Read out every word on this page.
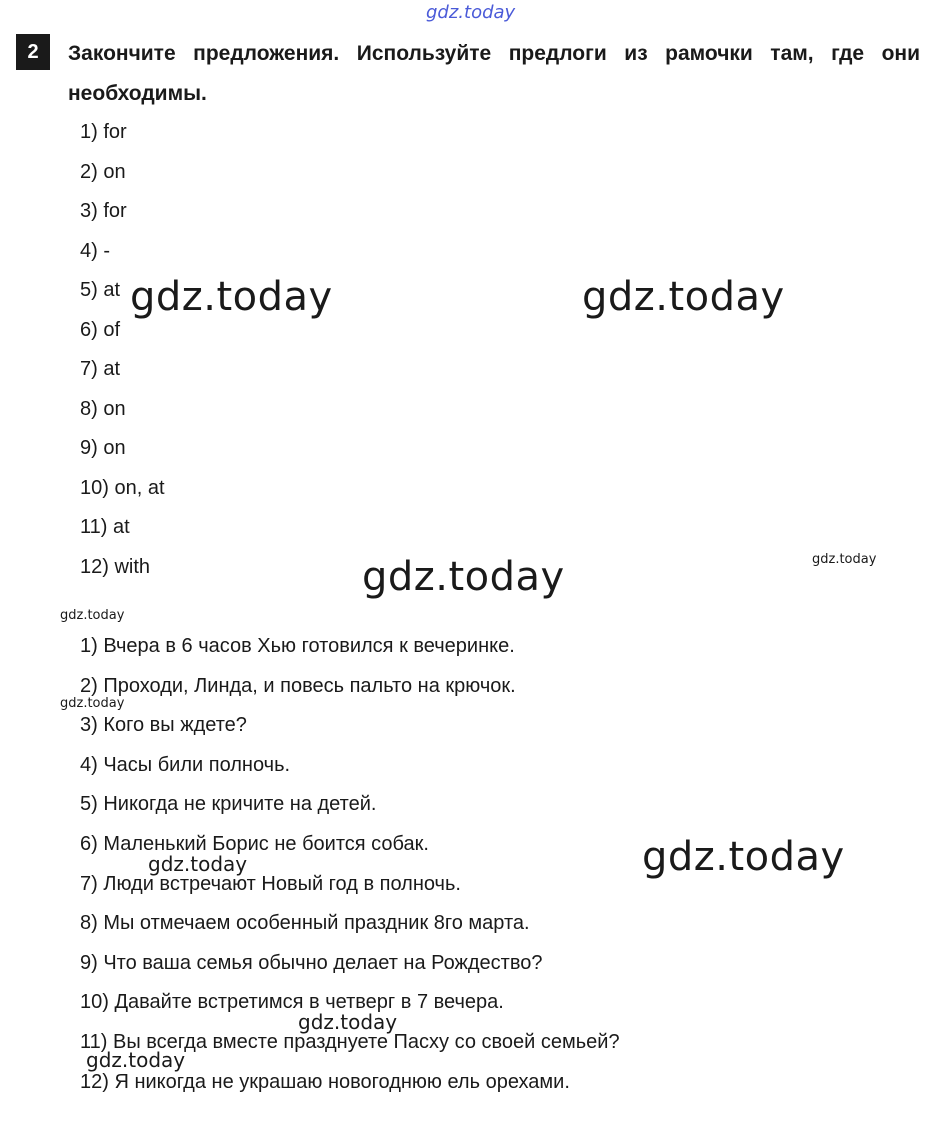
gdz.today
2	Закончите предложения. Используйте предлоги из рамочки там, где они необходимы.
1) for
2) on
3) for
4) -
5) at
6) of
7) at
8) on
9) on
10) on, at
11) at
12) with
1) Вчера в 6 часов Хью готовился к вечеринке.
2) Проходи, Линда, и повесь пальто на крючок.
3) Кого вы ждете?
4) Часы били полночь.
5) Никогда не кричите на детей.
6) Маленький Борис не боится собак.
7) Люди встречают Новый год в полночь.
8) Мы отмечаем особенный праздник 8го марта.
9) Что ваша семья обычно делает на Рождество?
10) Давайте встретимся в четверг в 7 вечера.
11) Вы всегда вместе празднуете Пасху со своей семьей?
12) Я никогда не украшаю новогоднюю ель орехами.
gdz.today	gdz.today
gdz.today	gdz.today
gdz.today
gdz.today
gdz.today
gdz.today
gdz.today
gdz.today
